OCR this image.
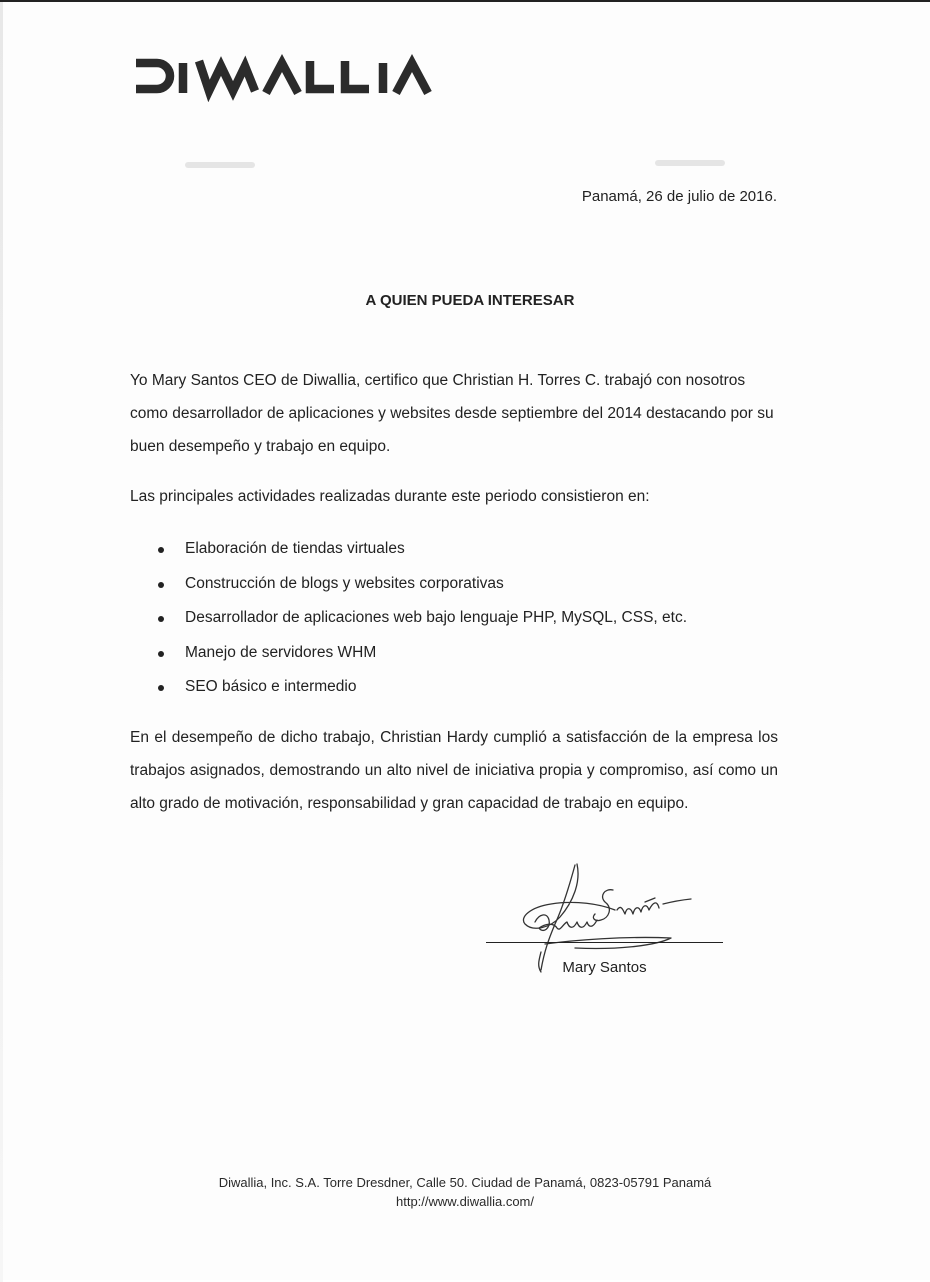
Panamá, 26 de julio de 2016.
A QUIEN PUEDA INTERESAR
Yo Mary Santos CEO de Diwallia, certifico que Christian H. Torres C. trabajó con nosotros como desarrollador de aplicaciones y websites desde septiembre del 2014 destacando por su buen desempeño y trabajo en equipo.
Las principales actividades realizadas durante este periodo consistieron en:
Elaboración de tiendas virtuales
Construcción de blogs y websites corporativas
Desarrollador de aplicaciones web bajo lenguaje PHP, MySQL, CSS, etc.
Manejo de servidores WHM
SEO básico e intermedio
En el desempeño de dicho trabajo, Christian Hardy cumplió a satisfacción de la empresa los trabajos asignados, demostrando un alto nivel de iniciativa propia y compromiso, así como un alto grado de motivación, responsabilidad y gran capacidad de trabajo en equipo.
Mary Santos
Diwallia, Inc. S.A. Torre Dresdner, Calle 50. Ciudad de Panamá, 0823-05791 Panamá
http://www.diwallia.com/
